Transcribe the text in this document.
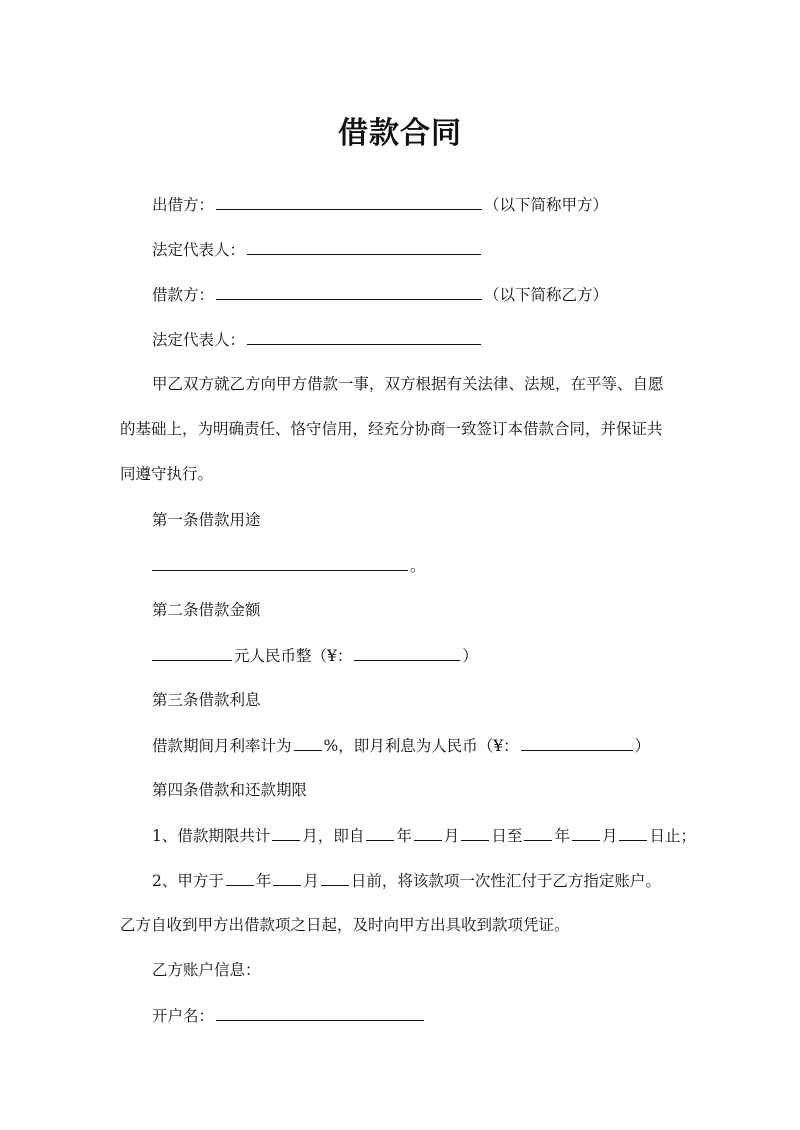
借款合同
出借方：	（以下简称甲方）
法定代表人：
借款方：	（以下简称乙方）
法定代表人：
甲乙双方就乙方向甲方借款一事，双方根据有关法律、法规，在平等、自愿
的基础上，为明确责任、恪守信用，经充分协商一致签订本借款合同，并保证共
同遵守执行。
第一条借款用途
。
第二条借款金额
元人民币整（¥：	）
第三条借款利息
借款期间月利率计为 %，即月利息为人民币（¥：	）
第四条借款和还款期限
1、借款期限共计 月，即自 年 月 日至 年 月 日止；
2、甲方于 年 月 日前，将该款项一次性汇付于乙方指定账户。
乙方自收到甲方出借款项之日起，及时向甲方出具收到款项凭证。
乙方账户信息：
开户名：
